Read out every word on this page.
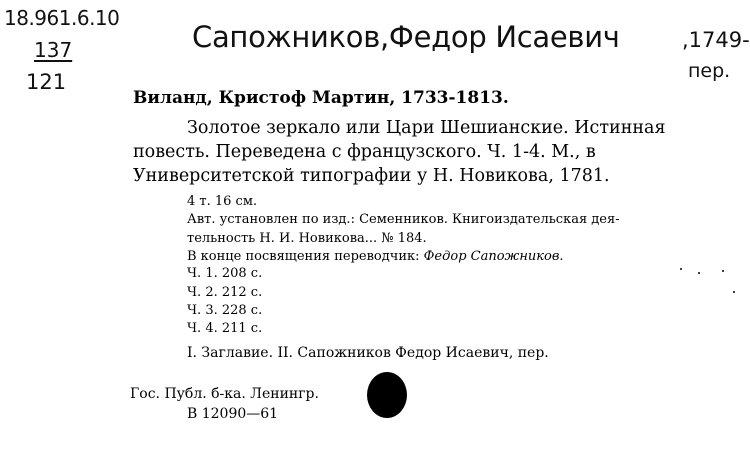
18.961.6.10
137
121
Сапожников,Федор Исаевич	,1749-
пер.
Виланд, Кристоф Мартин, 1733-1813.
Золотое зеркало или Цари Шешианские. Истинная
повесть. Переведена с французского. Ч. 1-4. М., в
Университетской типографии у Н. Новикова, 1781.
4 т. 16 см.
Авт. установлен по изд.: Семенников. Книгоиздательская дея-
тельность Н. И. Новикова... № 184.
В конце посвящения переводчик: Федор Сапожников.
Ч. 1. 208 с.
Ч. 2. 212 с.
Ч. 3. 228 с.
Ч. 4. 211 с.
I. Заглавие. II. Сапожников Федор Исаевич, пер.
Гос. Публ. б-ка. Ленингр.
В 12090—61
